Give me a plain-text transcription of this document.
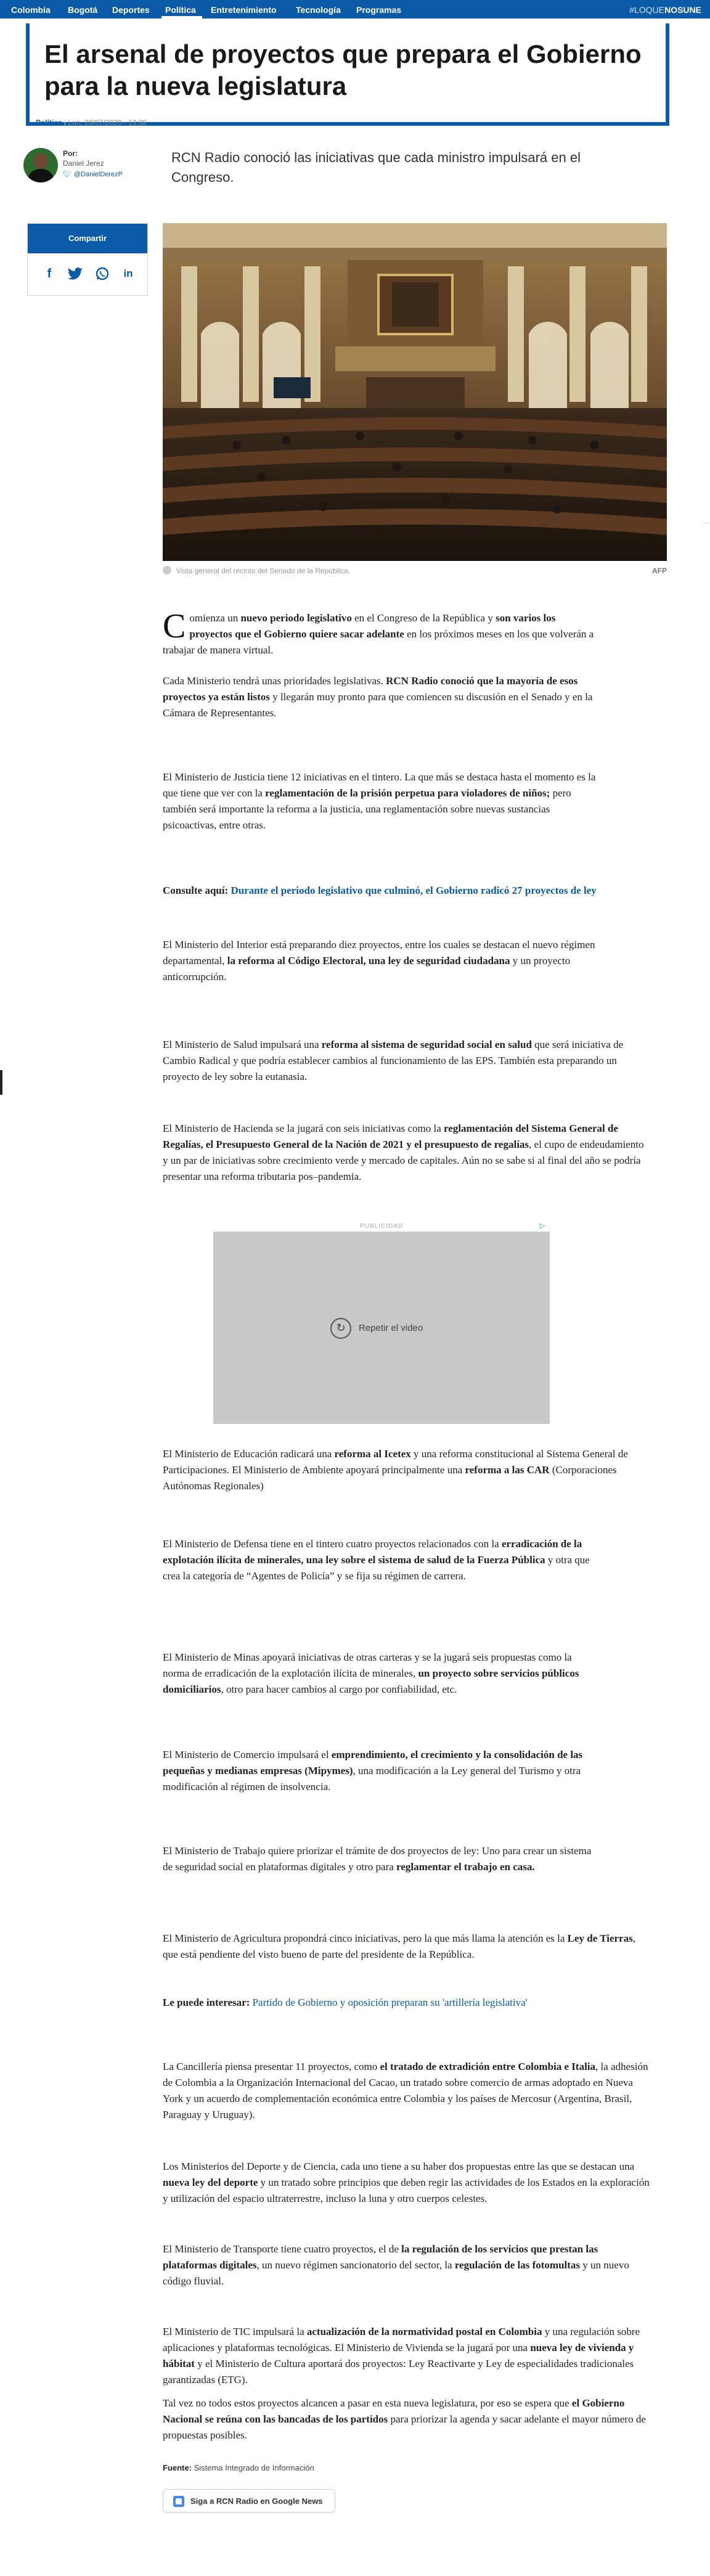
Colombia Bogotá Deportes Política Entretenimiento Tecnología Programas	#LOQUENOSUNE
El arsenal de proyectos que prepara el Gobierno para la nueva legislatura
Política | Lun, 20/07/2020 - 13:38
Por:
Daniel Jerez
🐦︎ @DanielDerezP

RCN Radio conoció las iniciativas que cada ministro impulsará en el Congreso.

Compartir
f	in
Vista general del recinto del Senado de la República.	AFP

Comienza un nuevo periodo legislativo en el Congreso de la República y son varios los proyectos que el Gobierno quiere sacar adelante en los próximos meses en los que volverán a trabajar de manera virtual.

Cada Ministerio tendrá unas prioridades legislativas. RCN Radio conoció que la mayoría de esos proyectos ya están listos y llegarán muy pronto para que comiencen su discusión en el Senado y en la Cámara de Representantes.

El Ministerio de Justicia tiene 12 iniciativas en el tintero. La que más se destaca hasta el momento es la que tiene que ver con la reglamentación de la prisión perpetua para violadores de niños; pero también será importante la reforma a la justicia, una reglamentación sobre nuevas sustancias psicoactivas, entre otras.

Consulte aquí: Durante el periodo legislativo que culminó, el Gobierno radicó 27 proyectos de ley

El Ministerio del Interior está preparando diez proyectos, entre los cuales se destacan el nuevo régimen departamental, la reforma al Código Electoral, una ley de seguridad ciudadana y un proyecto anticorrupción.

El Ministerio de Salud impulsará una reforma al sistema de seguridad social en salud que será iniciativa de Cambio Radical y que podría establecer cambios al funcionamiento de las EPS. También esta preparando un proyecto de ley sobre la eutanasia.

El Ministerio de Hacienda se la jugará con seis iniciativas como la reglamentación del Sistema General de Regalías, el Presupuesto General de la Nación de 2021 y el presupuesto de regalías, el cupo de endeudamiento y un par de iniciativas sobre crecimiento verde y mercado de capitales. Aún no se sabe si al final del año se podría presentar una reforma tributaria pos–pandemia.

PUBLICIDAD	▷
↻	Repetir el video

El Ministerio de Educación radicará una reforma al Icetex y una reforma constitucional al Sistema General de Participaciones. El Ministerio de Ambiente apoyará principalmente una reforma a las CAR (Corporaciones Autónomas Regionales)

El Ministerio de Defensa tiene en el tintero cuatro proyectos relacionados con la erradicación de la explotación ilícita de minerales, una ley sobre el sistema de salud de la Fuerza Pública y otra que crea la categoría de “Agentes de Policía” y se fija su régimen de carrera.

El Ministerio de Minas apoyará iniciativas de otras carteras y se la jugará seis propuestas como la norma de erradicación de la explotación ilícita de minerales, un proyecto sobre servicios públicos domiciliarios, otro para hacer cambios al cargo por confiabilidad, etc.

El Ministerio de Comercio impulsará el emprendimiento, el crecimiento y la consolidación de las pequeñas y medianas empresas (Mipymes), una modificación a la Ley general del Turismo y otra modificación al régimen de insolvencia.

El Ministerio de Trabajo quiere priorizar el trámite de dos proyectos de ley: Uno para crear un sistema de seguridad social en plataformas digitales y otro para reglamentar el trabajo en casa.

El Ministerio de Agricultura propondrá cinco iniciativas, pero la que más llama la atención es la Ley de Tierras, que está pendiente del visto bueno de parte del presidente de la República.

Le puede interesar: Partido de Gobierno y oposición preparan su 'artillería legislativa'

La Cancillería piensa presentar 11 proyectos, como el tratado de extradición entre Colombia e Italia, la adhesión de Colombia a la Organización Internacional del Cacao, un tratado sobre comercio de armas adoptado en Nueva York y un acuerdo de complementación económica entre Colombia y los países de Mercosur (Argentina, Brasil, Paraguay y Uruguay).

Los Ministerios del Deporte y de Ciencia, cada uno tiene a su haber dos propuestas entre las que se destacan una nueva ley del deporte y un tratado sobre principios que deben regir las actividades de los Estados en la exploración y utilización del espacio ultraterrestre, incluso la luna y otro cuerpos celestes.

El Ministerio de Transporte tiene cuatro proyectos, el de la regulación de los servicios que prestan las plataformas digitales, un nuevo régimen sancionatorio del sector, la regulación de las fotomultas y un nuevo código fluvial.

El Ministerio de TIC impulsará la actualización de la normatividad postal en Colombia y una regulación sobre aplicaciones y plataformas tecnológicas. El Ministerio de Vivienda se la jugará por una nueva ley de vivienda y hábitat y el Ministerio de Cultura aportará dos proyectos: Ley Reactivarte y Ley de especialidades tradicionales garantizadas (ETG).

Tal vez no todos estos proyectos alcancen a pasar en esta nueva legislatura, por eso se espera que el Gobierno Nacional se reúna con las bancadas de los partidos para priorizar la agenda y sacar adelante el mayor número de propuestas posibles.

Fuente: Sistema Integrado de Información
Siga a RCN Radio en Google News
